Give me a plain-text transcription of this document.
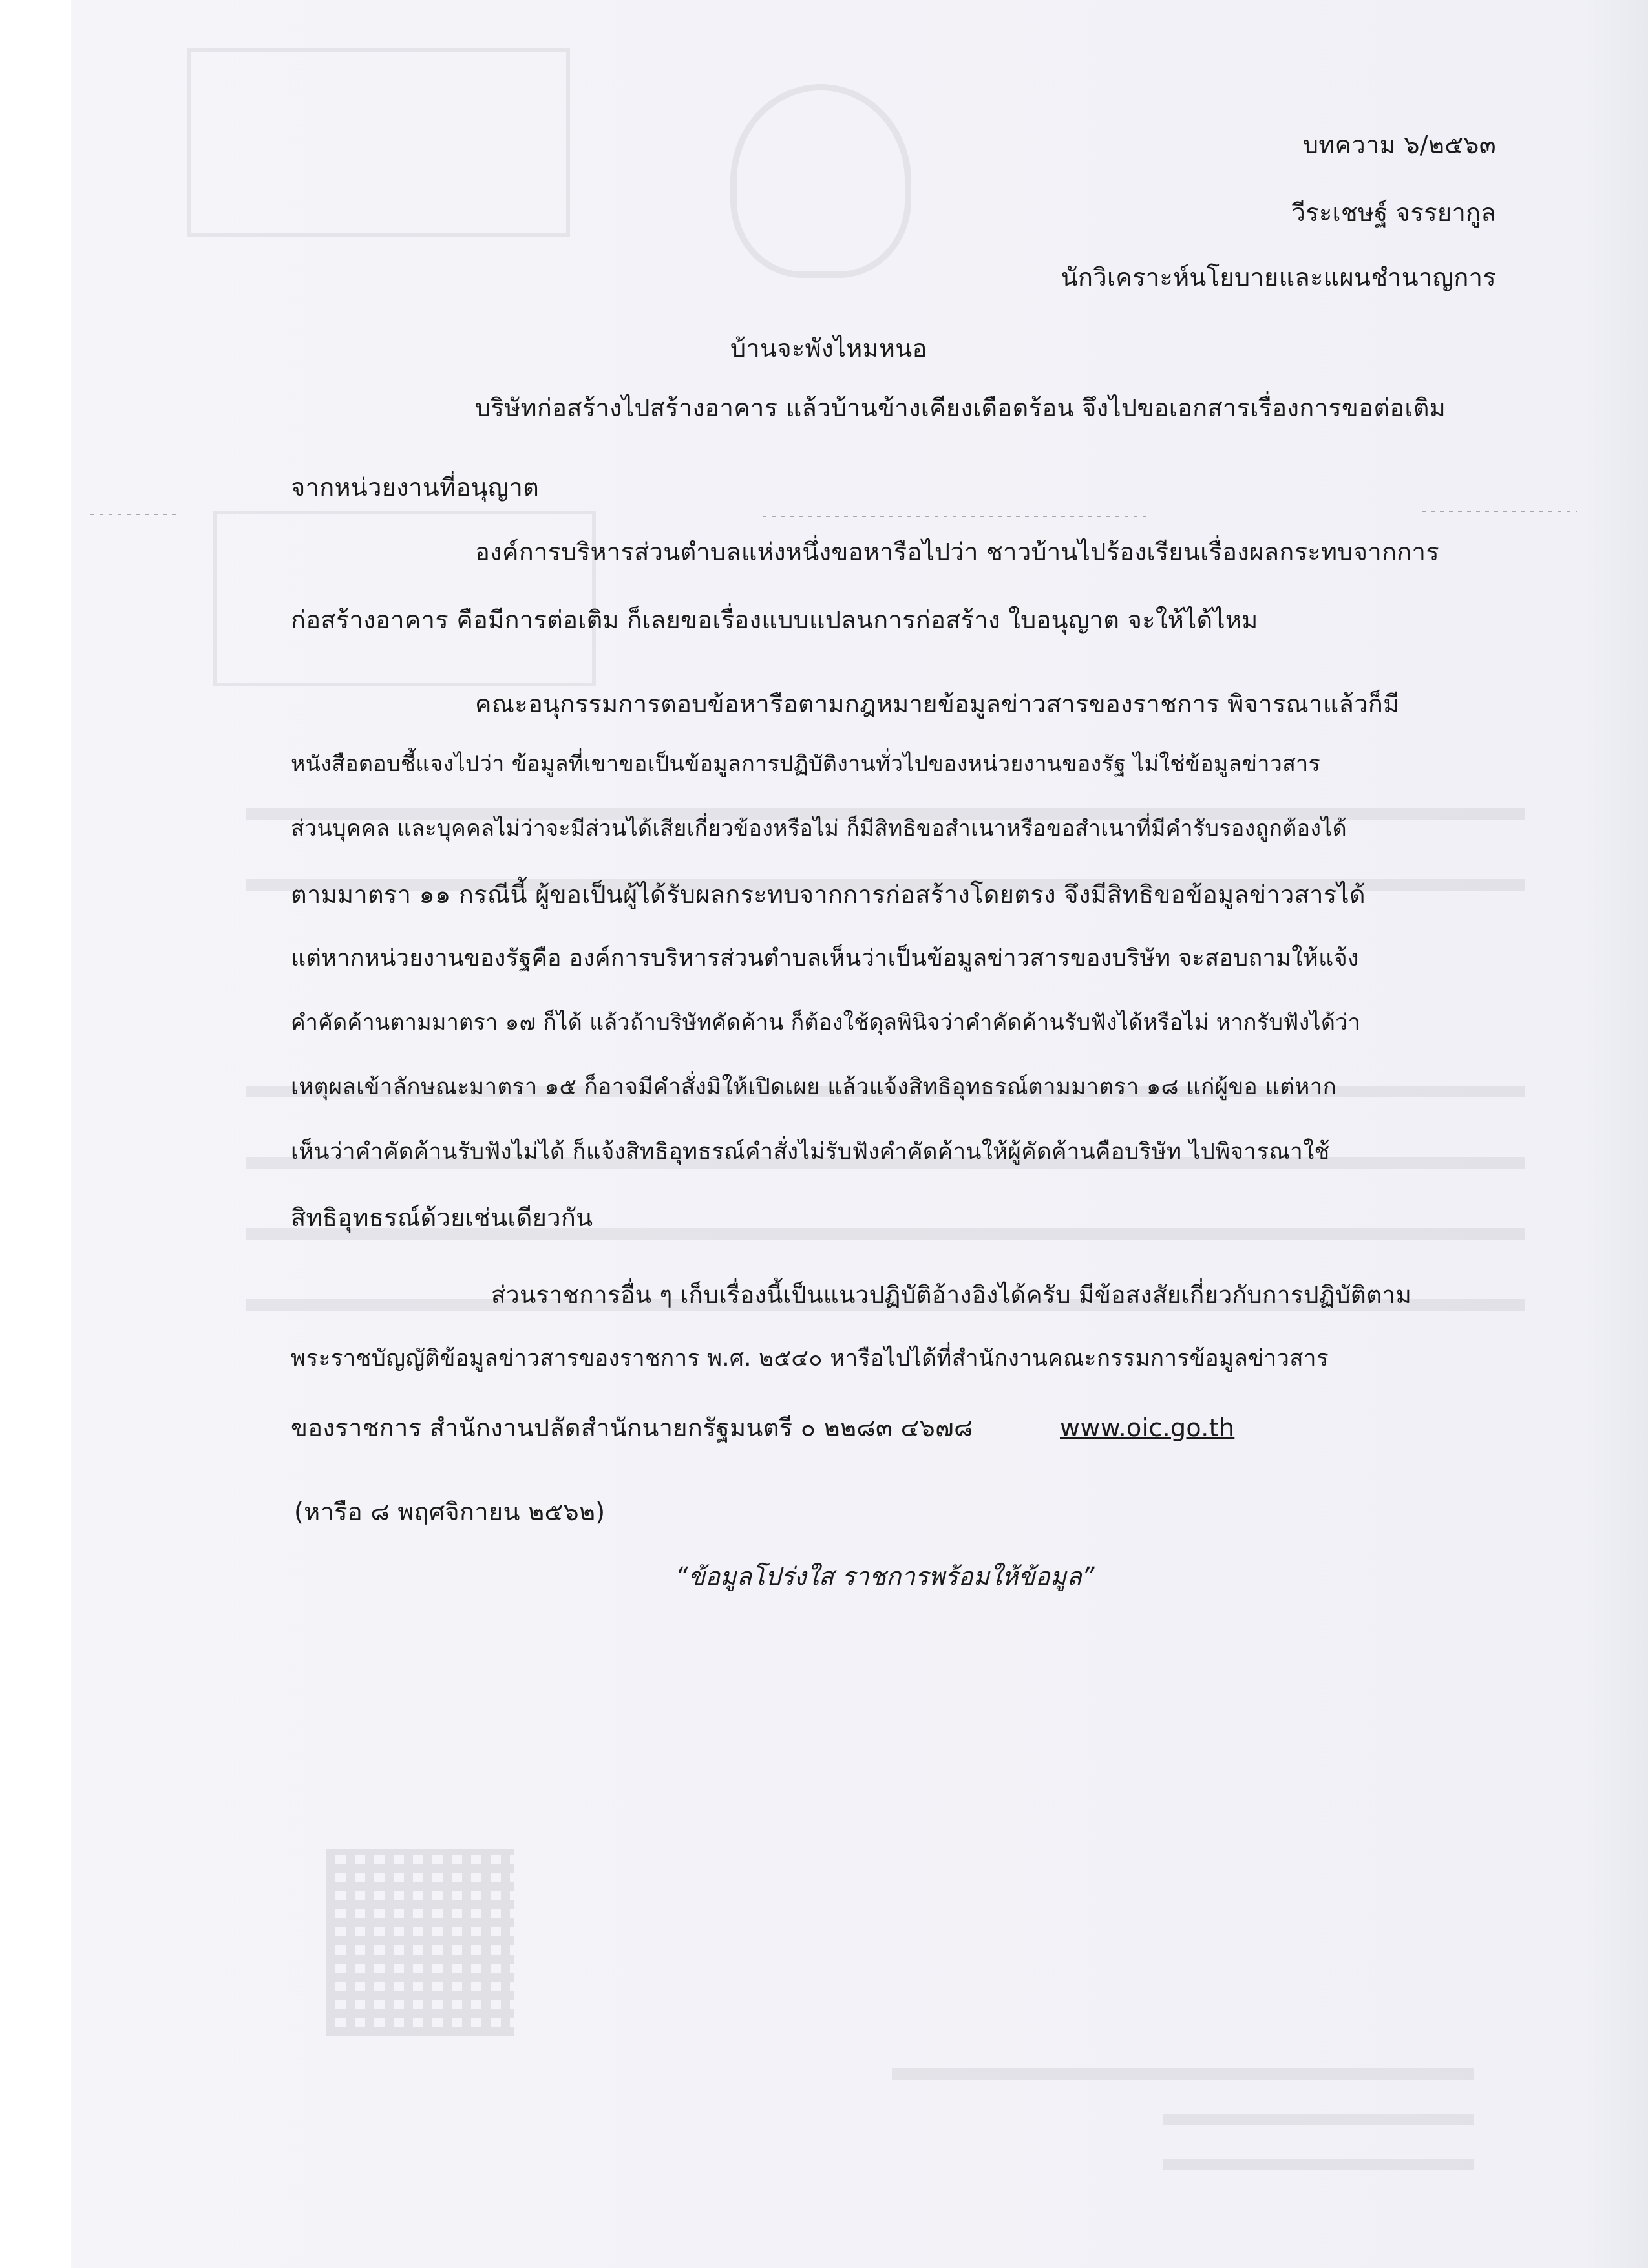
บทความ ๖/๒๕๖๓
วีระเชษฐ์ จรรยากูล
นักวิเคราะห์นโยบายและแผนชำนาญการ
บ้านจะพังไหมหนอ
บริษัทก่อสร้างไปสร้างอาคาร แล้วบ้านข้างเคียงเดือดร้อน จึงไปขอเอกสารเรื่องการขอต่อเติม
จากหน่วยงานที่อนุญาต
องค์การบริหารส่วนตำบลแห่งหนึ่งขอหารือไปว่า ชาวบ้านไปร้องเรียนเรื่องผลกระทบจากการ
ก่อสร้างอาคาร คือมีการต่อเติม ก็เลยขอเรื่องแบบแปลนการก่อสร้าง ใบอนุญาต จะให้ได้ไหม
คณะอนุกรรมการตอบข้อหารือตามกฎหมายข้อมูลข่าวสารของราชการ พิจารณาแล้วก็มี
หนังสือตอบชี้แจงไปว่า ข้อมูลที่เขาขอเป็นข้อมูลการปฏิบัติงานทั่วไปของหน่วยงานของรัฐ ไม่ใช่ข้อมูลข่าวสาร
ส่วนบุคคล และบุคคลไม่ว่าจะมีส่วนได้เสียเกี่ยวข้องหรือไม่ ก็มีสิทธิขอสำเนาหรือขอสำเนาที่มีคำรับรองถูกต้องได้
ตามมาตรา ๑๑ กรณีนี้ ผู้ขอเป็นผู้ได้รับผลกระทบจากการก่อสร้างโดยตรง จึงมีสิทธิขอข้อมูลข่าวสารได้
แต่หากหน่วยงานของรัฐคือ องค์การบริหารส่วนตำบลเห็นว่าเป็นข้อมูลข่าวสารของบริษัท จะสอบถามให้แจ้ง
คำคัดค้านตามมาตรา ๑๗ ก็ได้ แล้วถ้าบริษัทคัดค้าน ก็ต้องใช้ดุลพินิจว่าคำคัดค้านรับฟังได้หรือไม่ หากรับฟังได้ว่า
เหตุผลเข้าลักษณะมาตรา ๑๕ ก็อาจมีคำสั่งมิให้เปิดเผย แล้วแจ้งสิทธิอุทธรณ์ตามมาตรา ๑๘ แก่ผู้ขอ แต่หาก
เห็นว่าคำคัดค้านรับฟังไม่ได้ ก็แจ้งสิทธิอุทธรณ์คำสั่งไม่รับฟังคำคัดค้านให้ผู้คัดค้านคือบริษัท ไปพิจารณาใช้
สิทธิอุทธรณ์ด้วยเช่นเดียวกัน
ส่วนราชการอื่น ๆ เก็บเรื่องนี้เป็นแนวปฏิบัติอ้างอิงได้ครับ มีข้อสงสัยเกี่ยวกับการปฏิบัติตาม
พระราชบัญญัติข้อมูลข่าวสารของราชการ พ.ศ. ๒๕๔๐ หารือไปได้ที่สำนักงานคณะกรรมการข้อมูลข่าวสาร
ของราชการ สำนักงานปลัดสำนักนายกรัฐมนตรี ๐ ๒๒๘๓ ๔๖๗๘	www.oic.go.th
(หารือ ๘ พฤศจิกายน ๒๕๖๒)
“ข้อมูลโปร่งใส ราชการพร้อมให้ข้อมูล”
